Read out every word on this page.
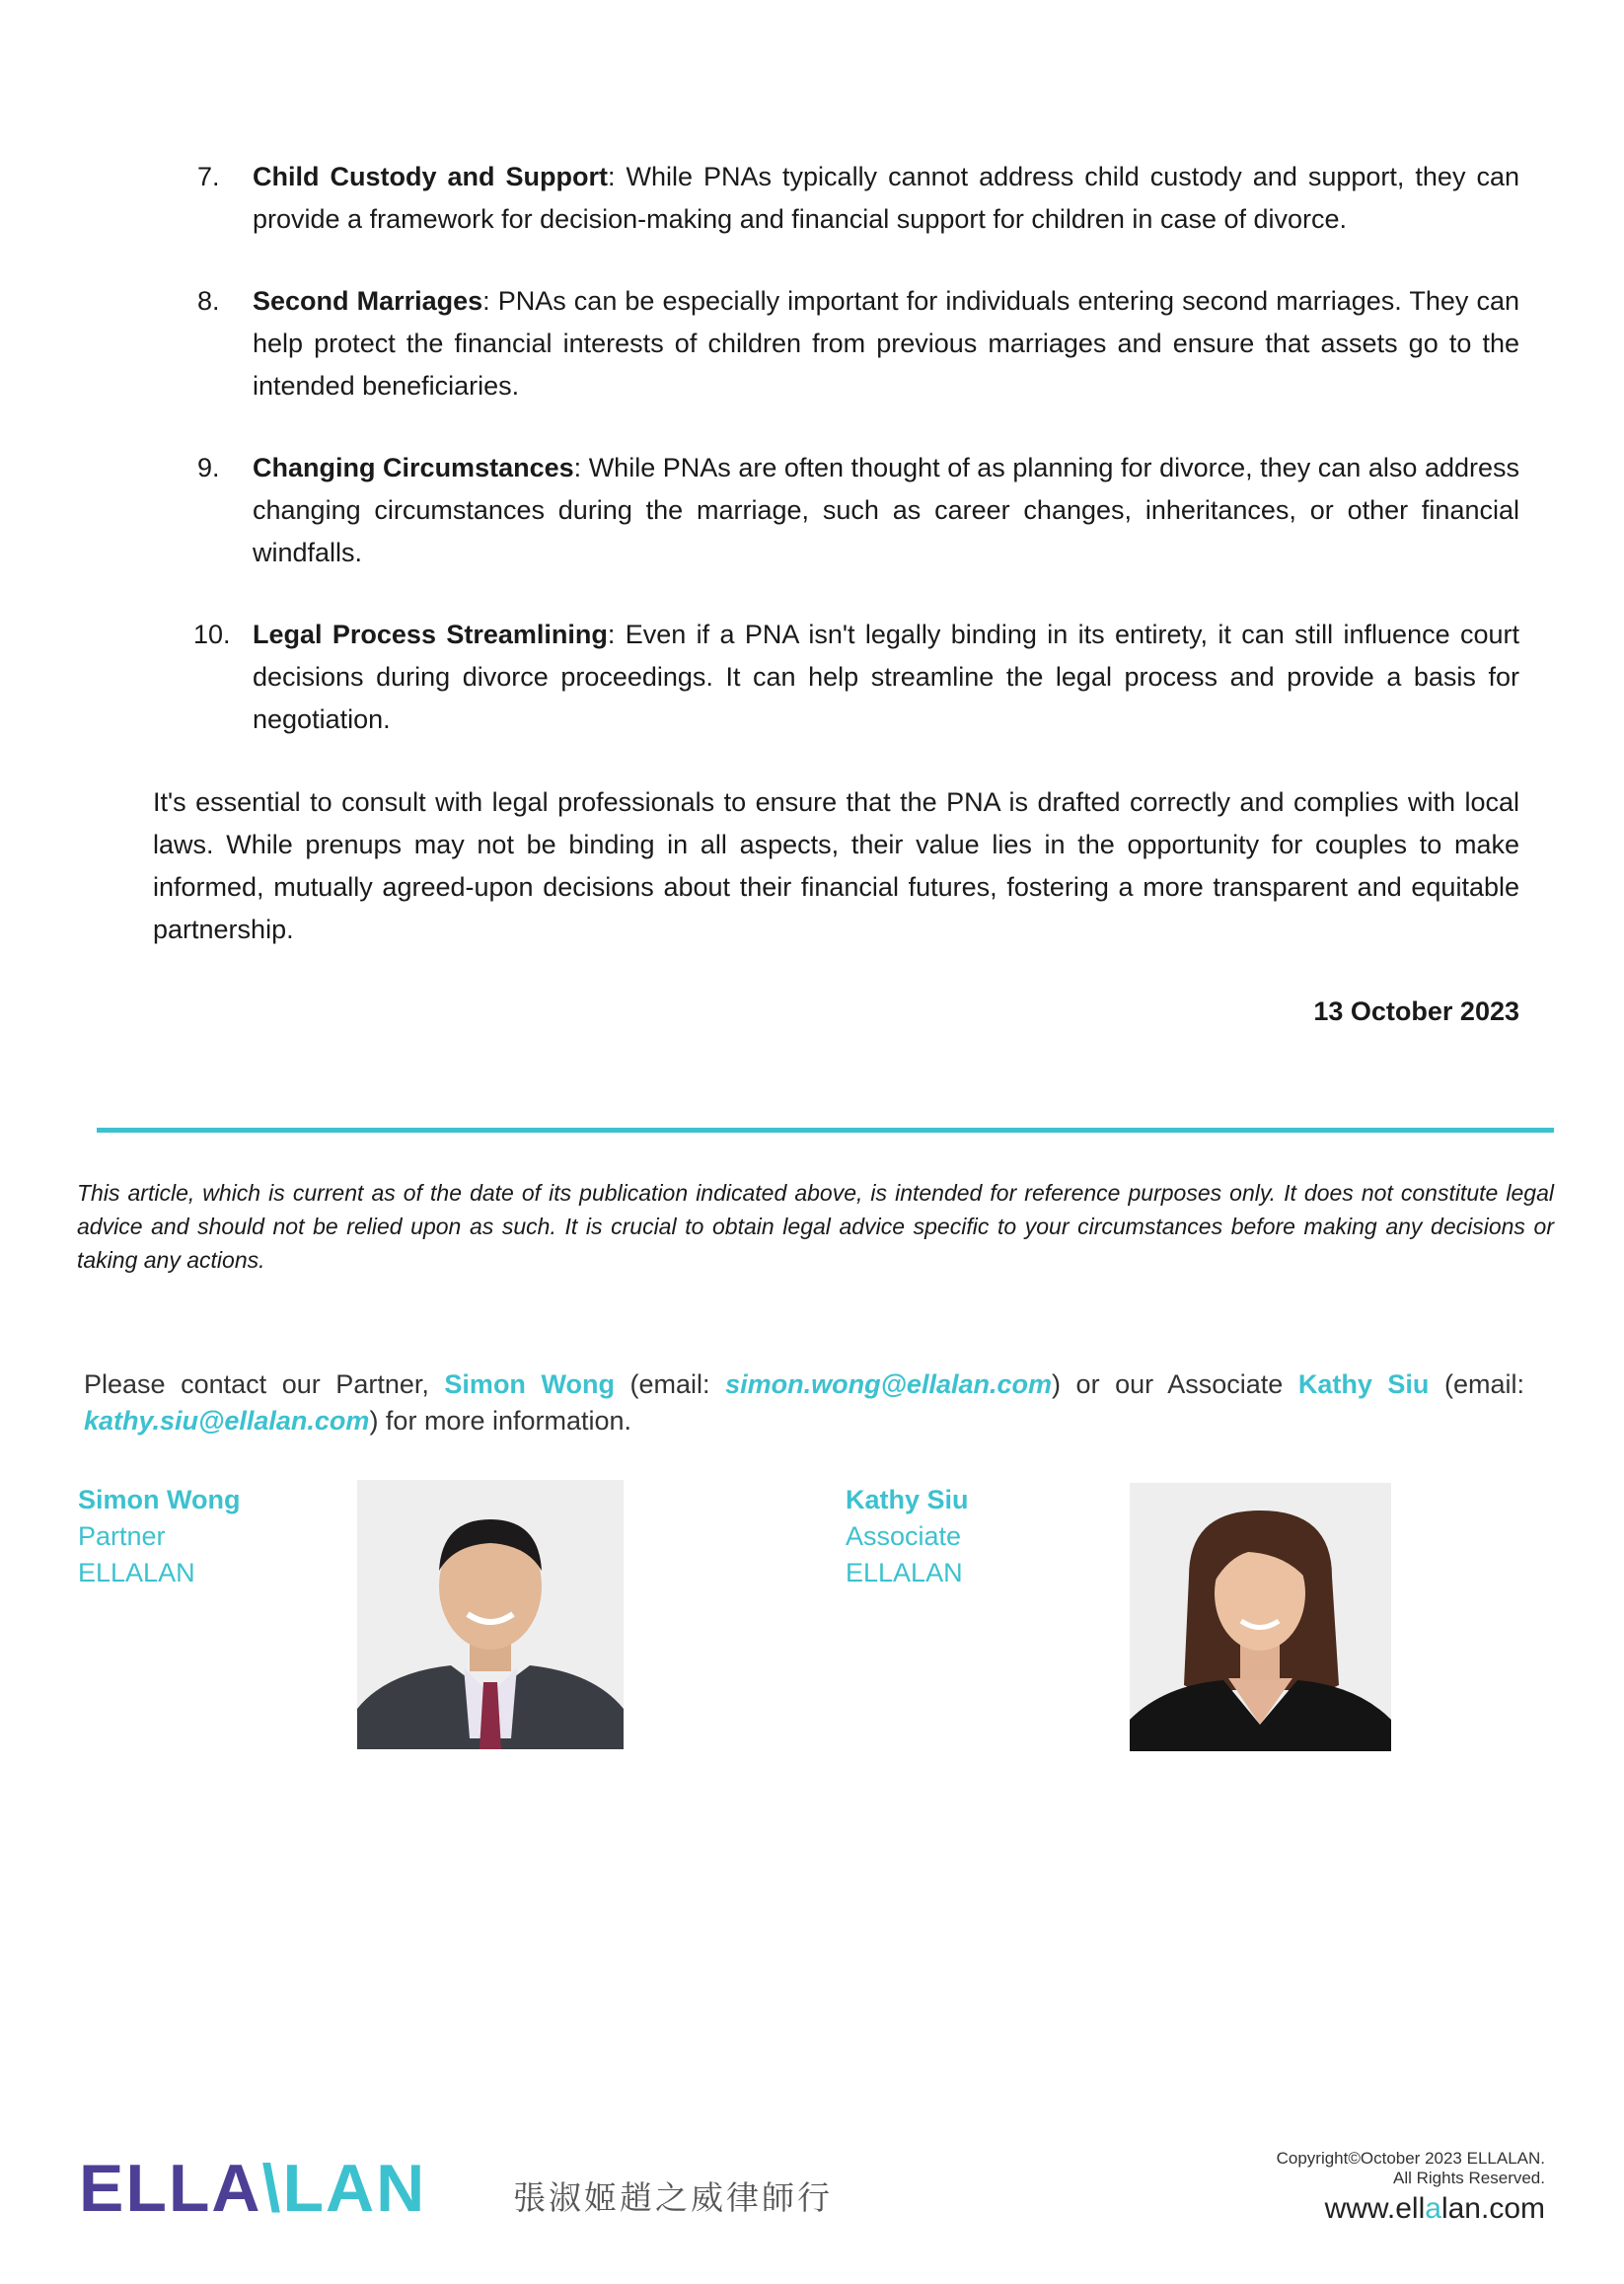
7. Child Custody and Support: While PNAs typically cannot address child custody and support, they can provide a framework for decision-making and financial support for children in case of divorce.
8. Second Marriages: PNAs can be especially important for individuals entering second marriages. They can help protect the financial interests of children from previous marriages and ensure that assets go to the intended beneficiaries.
9. Changing Circumstances: While PNAs are often thought of as planning for divorce, they can also address changing circumstances during the marriage, such as career changes, inheritances, or other financial windfalls.
10. Legal Process Streamlining: Even if a PNA isn't legally binding in its entirety, it can still influence court decisions during divorce proceedings. It can help streamline the legal process and provide a basis for negotiation.
It's essential to consult with legal professionals to ensure that the PNA is drafted correctly and complies with local laws. While prenups may not be binding in all aspects, their value lies in the opportunity for couples to make informed, mutually agreed-upon decisions about their financial futures, fostering a more transparent and equitable partnership.
13 October 2023
This article, which is current as of the date of its publication indicated above, is intended for reference purposes only. It does not constitute legal advice and should not be relied upon as such. It is crucial to obtain legal advice specific to your circumstances before making any decisions or taking any actions.
Please contact our Partner, Simon Wong (email: simon.wong@ellalan.com) or our Associate Kathy Siu (email: kathy.siu@ellalan.com) for more information.
Simon Wong
Partner
ELLALAN
Kathy Siu
Associate
ELLALAN
ELLA\LAN	張淑姬趙之威律師行
Copyright©October 2023 ELLALAN.
All Rights Reserved.
www.ellalan.com
